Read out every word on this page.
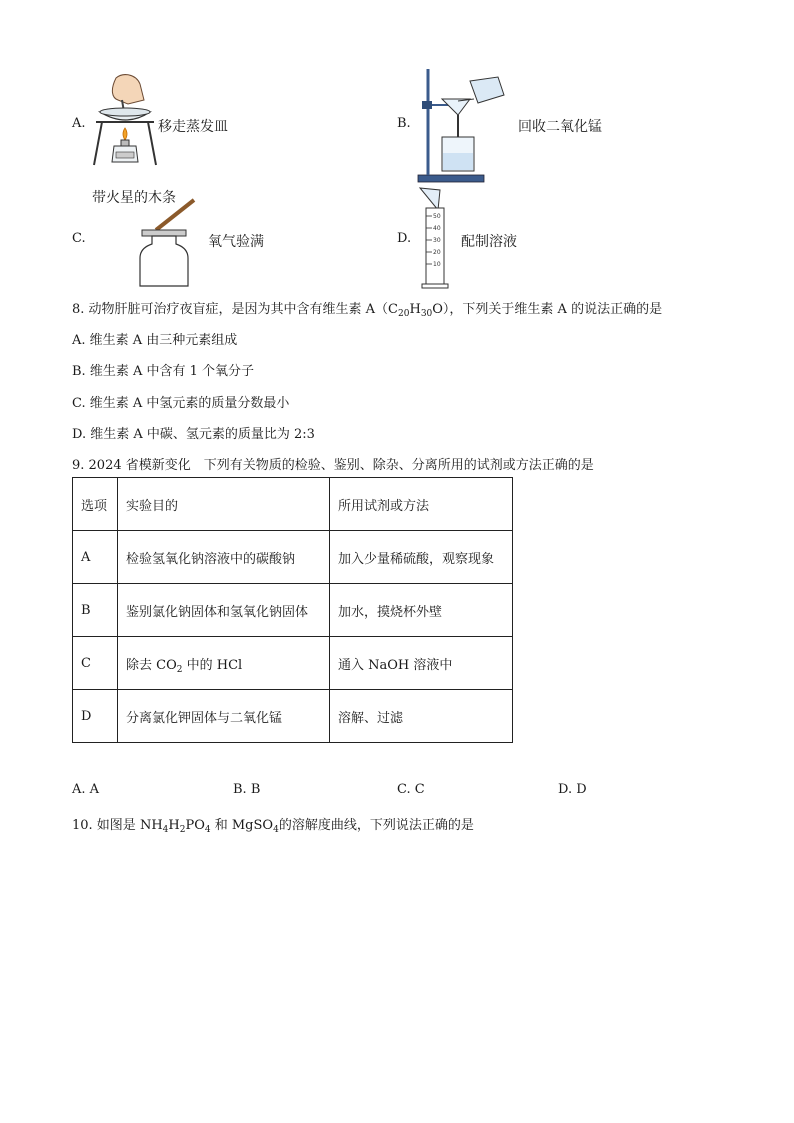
A.	移走蒸发皿	B.	回收二氧化锰
带火星的木条
C.	氧气验满	D.
50
40
30
20
10
配制溶液
8. 动物肝脏可治疗夜盲症，是因为其中含有维生素 $A(C_{20}H_{30}O)$，下列关于维生素 A 的说法正确的是
A. 维生素 A 由三种元素组成
B. 维生素 A 中含有 1 个氧分子
C. 维生素 A 中氢元素的质量分数最小
D. 维生素 A 中碳、氢元素的质量比为 2:3
9. 2024 省模新变化　下列有关物质的检验、鉴别、除杂、分离所用的试剂或方法正确的是
选项	实验目的	所用试剂或方法
A	检验氢氧化钠溶液中的碳酸钠	加入少量稀硫酸，观察现象
B	鉴别氯化钠固体和氢氧化钠固体	加水，摸烧杯外壁
C	除去 $CO_2$ 中的 HCl	通入 NaOH 溶液中
D	分离氯化钾固体与二氧化锰	溶解、过滤
A. A	B. B	C. C	D. D
10. 如图是 $NH_4H_2PO_4$ 和 MgSO$_4$的溶解度曲线，下列说法正确的是
